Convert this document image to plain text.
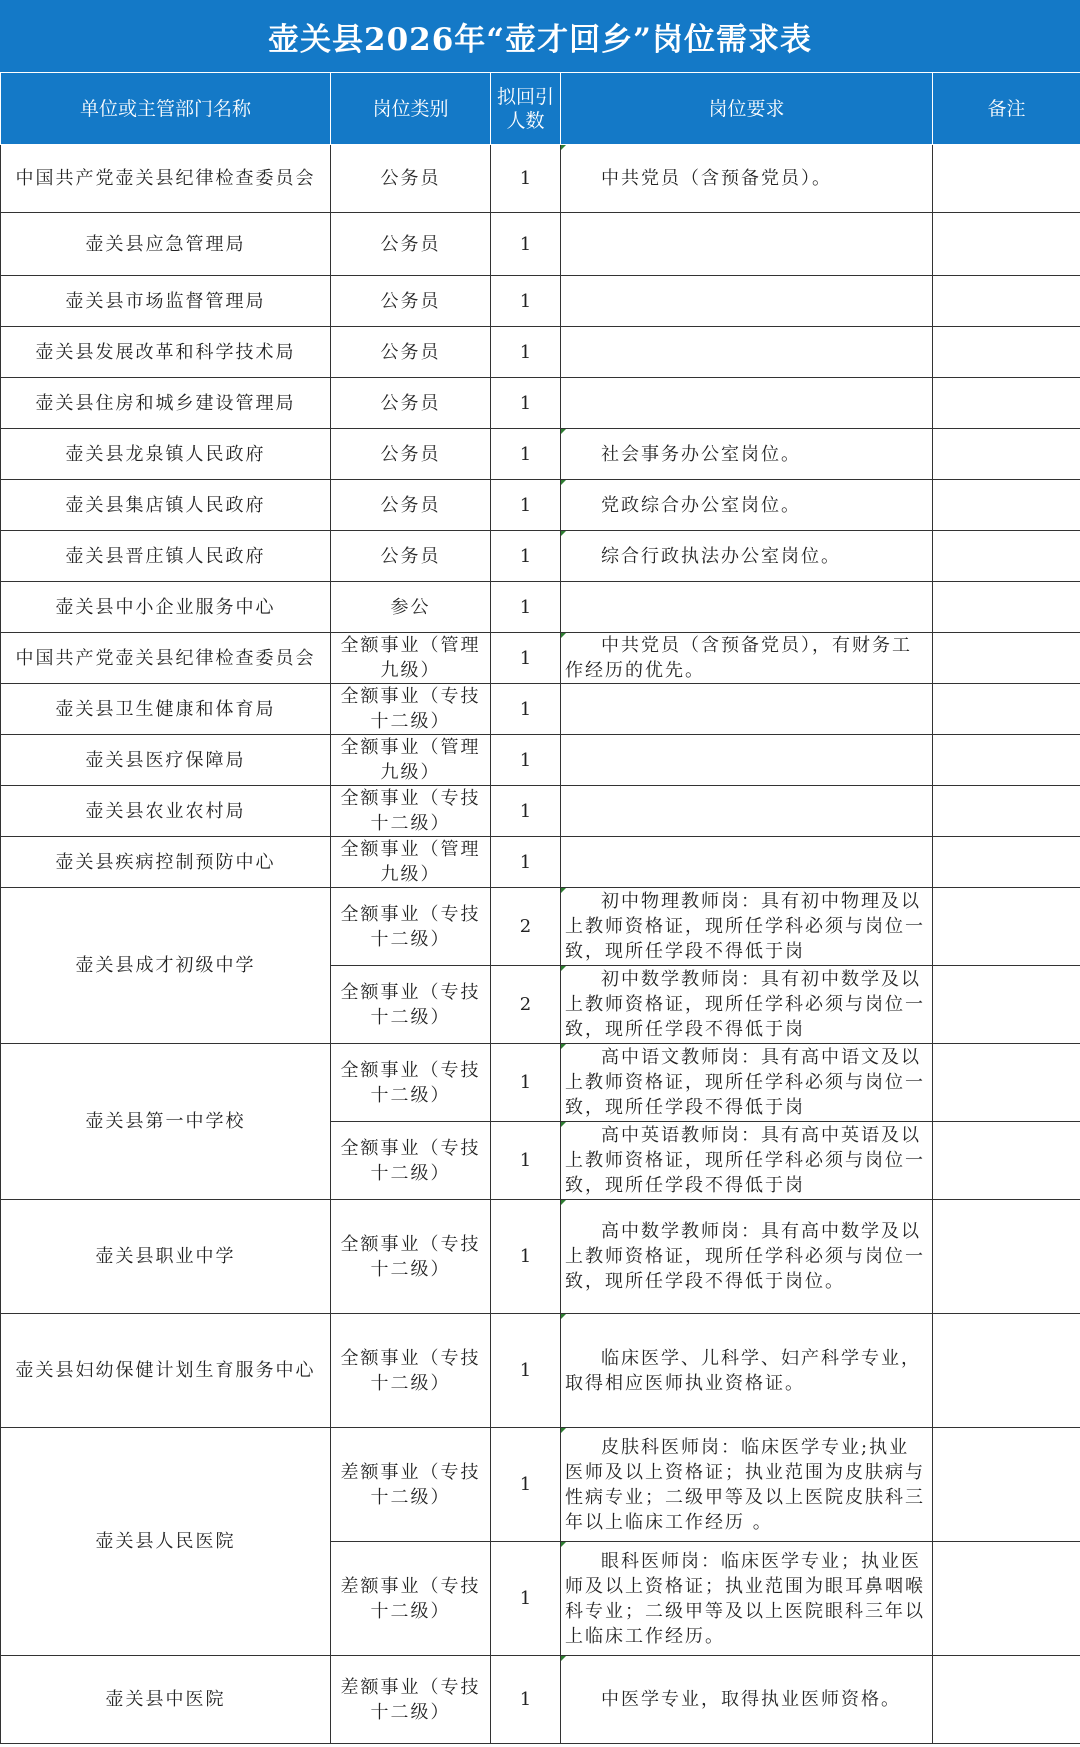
壶关县2026年“壶才回乡”岗位需求表
单位或主管部门名称	岗位类别	拟回引人数	岗位要求	备注
中国共产党壶关县纪律检查委员会	公务员	1	中共党员（含预备党员）。	

壶关县应急管理局	公务员	1	

壶关县市场监督管理局	公务员	1	

壶关县发展改革和科学技术局	公务员	1	

壶关县住房和城乡建设管理局	公务员	1	

壶关县龙泉镇人民政府	公务员	1	社会事务办公室岗位。	

壶关县集店镇人民政府	公务员	1	党政综合办公室岗位。	

壶关县晋庄镇人民政府	公务员	1	综合行政执法办公室岗位。	

壶关县中小企业服务中心	参公	1	

中国共产党壶关县纪律检查委员会	全额事业（管理九级）	1	中共党员（含预备党员），有财务工作经历的优先。	

壶关县卫生健康和体育局	全额事业（专技十二级）	1	

壶关县医疗保障局	全额事业（管理九级）	1	

壶关县农业农村局	全额事业（专技十二级）	1	

壶关县疾病控制预防中心	全额事业（管理九级）	1	

壶关县成才初级中学	全额事业（专技十二级）	2	初中物理教师岗：具有初中物理及以上教师资格证，现所任学科必须与岗位一致，现所任学段不得低于岗	

	全额事业（专技十二级）	2	初中数学教师岗：具有初中数学及以上教师资格证，现所任学科必须与岗位一致，现所任学段不得低于岗	

壶关县第一中学校	全额事业（专技十二级）	1	高中语文教师岗：具有高中语文及以上教师资格证，现所任学科必须与岗位一致，现所任学段不得低于岗	

	全额事业（专技十二级）	1	高中英语教师岗：具有高中英语及以上教师资格证，现所任学科必须与岗位一致，现所任学段不得低于岗	

壶关县职业中学	全额事业（专技十二级）	1	高中数学教师岗：具有高中数学及以上教师资格证，现所任学科必须与岗位一致，现所任学段不得低于岗位。	

壶关县妇幼保健计划生育服务中心	全额事业（专技十二级）	1	临床医学、儿科学、妇产科学专业，取得相应医师执业资格证。	

壶关县人民医院	差额事业（专技十二级）	1	皮肤科医师岗：临床医学专业;执业医师及以上资格证；执业范围为皮肤病与性病专业；二级甲等及以上医院皮肤科三年以上临床工作经历 。	

	差额事业（专技十二级）	1	眼科医师岗：临床医学专业；执业医师及以上资格证；执业范围为眼耳鼻咽喉科专业；二级甲等及以上医院眼科三年以上临床工作经历。	

壶关县中医院	差额事业（专技十二级）	1	中医学专业，取得执业医师资格。	
